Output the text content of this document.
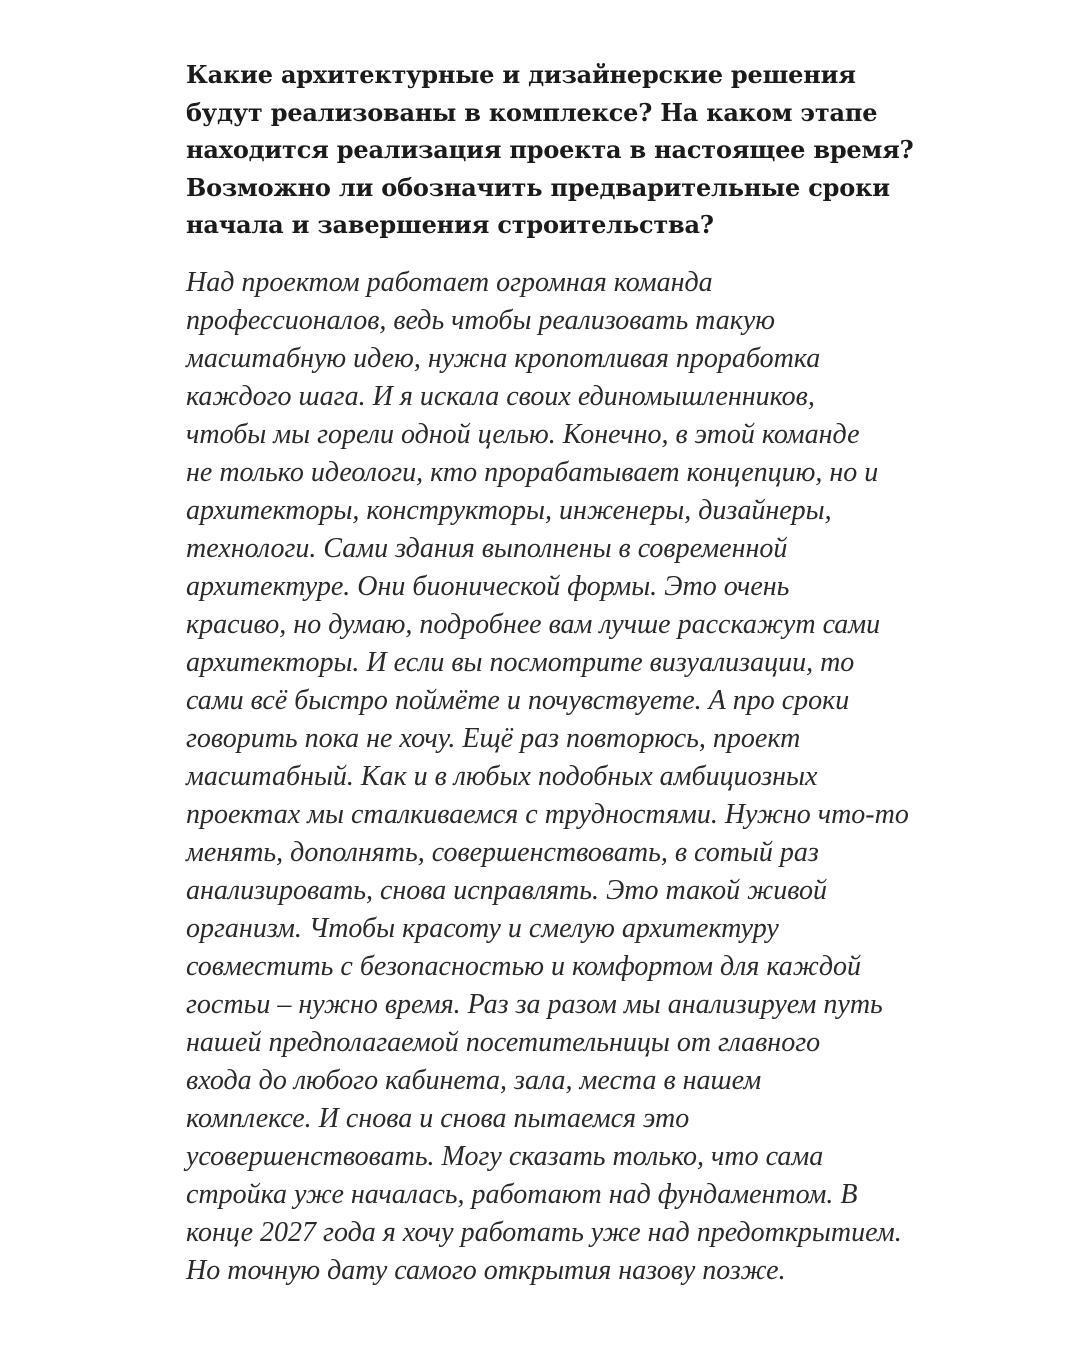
Какие архитектурные и дизайнерские решения
будут реализованы в комплексе? На каком этапе
находится реализация проекта в настоящее время?
Возможно ли обозначить предварительные сроки
начала и завершения строительства?

Над проектом работает огромная команда
профессионалов, ведь чтобы реализовать такую
масштабную идею, нужна кропотливая проработка
каждого шага. И я искала своих единомышленников,
чтобы мы горели одной целью. Конечно, в этой команде
не только идеологи, кто прорабатывает концепцию, но и
архитекторы, конструкторы, инженеры, дизайнеры,
технологи. Сами здания выполнены в современной
архитектуре. Они бионической формы. Это очень
красиво, но думаю, подробнее вам лучше расскажут сами
архитекторы. И если вы посмотрите визуализации, то
сами всё быстро поймёте и почувствуете. А про сроки
говорить пока не хочу. Ещё раз повторюсь, проект
масштабный. Как и в любых подобных амбициозных
проектах мы сталкиваемся с трудностями. Нужно что-то
менять, дополнять, совершенствовать, в сотый раз
анализировать, снова исправлять. Это такой живой
организм. Чтобы красоту и смелую архитектуру
совместить с безопасностью и комфортом для каждой
гостьи – нужно время. Раз за разом мы анализируем путь
нашей предполагаемой посетительницы от главного
входа до любого кабинета, зала, места в нашем
комплексе. И снова и снова пытаемся это
усовершенствовать. Могу сказать только, что сама
стройка уже началась, работают над фундаментом. В
конце 2027 года я хочу работать уже над предоткрытием.
Но точную дату самого открытия назову позже.
